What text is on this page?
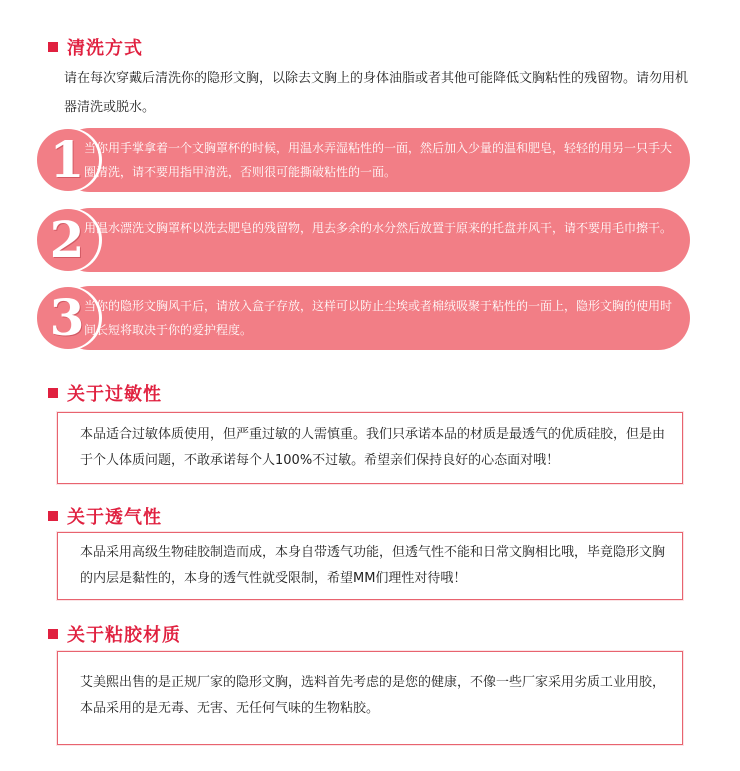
清洗方式
请在每次穿戴后清洗你的隐形文胸，以除去文胸上的身体油脂或者其他可能降低文胸粘性的残留物。请勿用机器清洗或脱水。
1 当你用手掌拿着一个文胸罩杯的时候，用温水弄湿粘性的一面，然后加入少量的温和肥皂，轻轻的用另一只手大圈清洗，请不要用指甲清洗，否则很可能撕破粘性的一面。
2 用温水漂洗文胸罩杯以洗去肥皂的残留物，甩去多余的水分然后放置于原来的托盘并风干，请不要用毛巾擦干。
3 当你的隐形文胸风干后，请放入盒子存放，这样可以防止尘埃或者棉绒吸聚于粘性的一面上，隐形文胸的使用时间长短将取决于你的爱护程度。
关于过敏性
本品适合过敏体质使用，但严重过敏的人需慎重。我们只承诺本品的材质是最透气的优质硅胶，但是由于个人体质问题，不敢承诺每个人100%不过敏。希望亲们保持良好的心态面对哦！
关于透气性
本品采用高级生物硅胶制造而成，本身自带透气功能，但透气性不能和日常文胸相比哦，毕竟隐形文胸的内层是黏性的，本身的透气性就受限制，希望MM们理性对待哦！
关于粘胶材质
艾美熙出售的是正规厂家的隐形文胸，选料首先考虑的是您的健康，不像一些厂家采用劣质工业用胶，本品采用的是无毒、无害、无任何气味的生物粘胶。
